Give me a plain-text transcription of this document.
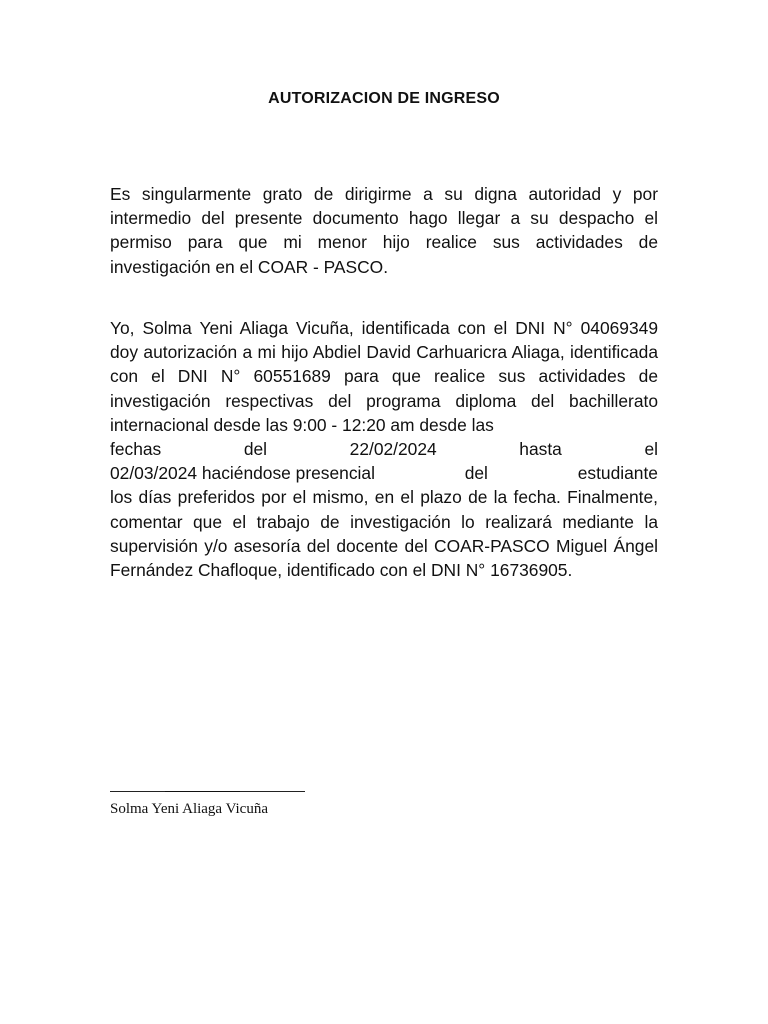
AUTORIZACION DE INGRESO

Es singularmente grato de dirigirme a su digna autoridad y por intermedio del presente documento hago llegar a su despacho el permiso para que mi menor hijo realice sus actividades de investigación en el COAR - PASCO.

Yo, Solma Yeni Aliaga Vicuña, identificada con el DNI N° 04069349 doy autorización a mi hijo Abdiel David Carhuaricra Aliaga, identificada con el DNI N° 60551689 para que realice sus actividades de investigación respectivas del programa diploma del bachillerato internacional desde las 9:00 - 12:20 am desde las
fechas	del	22/02/2024	hasta	el
02/03/2024 haciéndose presencial	del	estudiante
los días preferidos por el mismo, en el plazo de la fecha. Finalmente, comentar que el trabajo de investigación lo realizará mediante la supervisión y/o asesoría del docente del COAR-PASCO Miguel Ángel Fernández Chafloque, identificado con el DNI N° 16736905.

Solma Yeni Aliaga Vicuña
